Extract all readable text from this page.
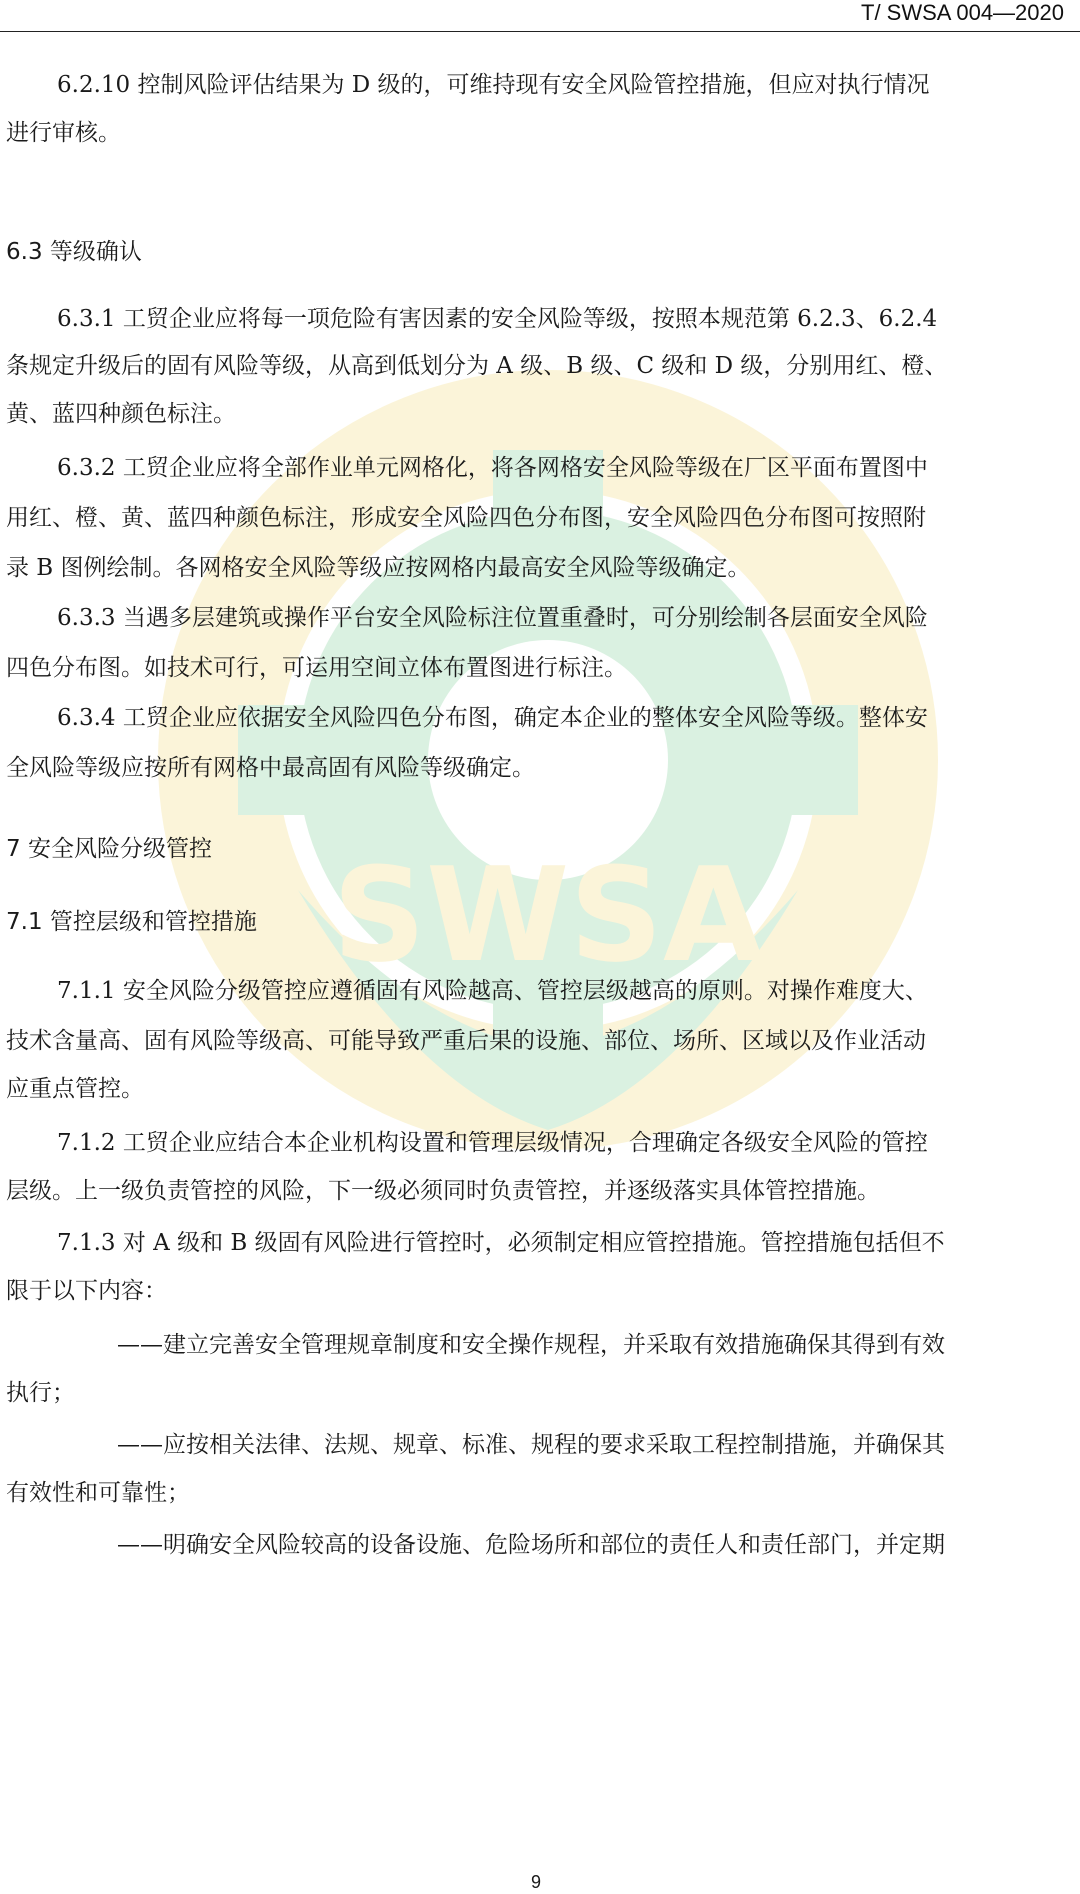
T/ SWSA 004—2020
SWSA
6.2.10 控制风险评估结果为 D 级的，可维持现有安全风险管控措施，但应对执行情况
进行审核。
6.3 等级确认
6.3.1 工贸企业应将每一项危险有害因素的安全风险等级，按照本规范第 6.2.3、6.2.4
条规定升级后的固有风险等级，从高到低划分为 A 级、B 级、C 级和 D 级，分别用红、橙、
黄、蓝四种颜色标注。
6.3.2 工贸企业应将全部作业单元网格化，将各网格安全风险等级在厂区平面布置图中
用红、橙、黄、蓝四种颜色标注，形成安全风险四色分布图，安全风险四色分布图可按照附
录 B 图例绘制。各网格安全风险等级应按网格内最高安全风险等级确定。
6.3.3 当遇多层建筑或操作平台安全风险标注位置重叠时，可分别绘制各层面安全风险
四色分布图。如技术可行，可运用空间立体布置图进行标注。
6.3.4 工贸企业应依据安全风险四色分布图，确定本企业的整体安全风险等级。整体安
全风险等级应按所有网格中最高固有风险等级确定。
7 安全风险分级管控
7.1 管控层级和管控措施
7.1.1 安全风险分级管控应遵循固有风险越高、管控层级越高的原则。对操作难度大、
技术含量高、固有风险等级高、可能导致严重后果的设施、部位、场所、区域以及作业活动
应重点管控。
7.1.2 工贸企业应结合本企业机构设置和管理层级情况，合理确定各级安全风险的管控
层级。上一级负责管控的风险，下一级必须同时负责管控，并逐级落实具体管控措施。
7.1.3 对 A 级和 B 级固有风险进行管控时，必须制定相应管控措施。管控措施包括但不
限于以下内容：
——建立完善安全管理规章制度和安全操作规程，并采取有效措施确保其得到有效
执行；
——应按相关法律、法规、规章、标准、规程的要求采取工程控制措施，并确保其
有效性和可靠性；
——明确安全风险较高的设备设施、危险场所和部位的责任人和责任部门，并定期
9
